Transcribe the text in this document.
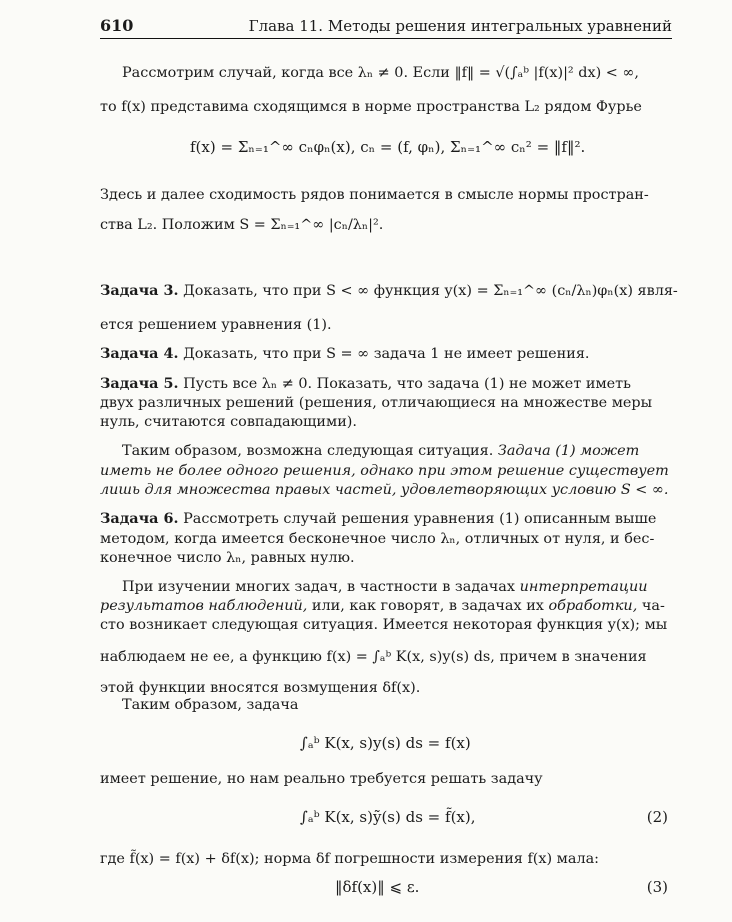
610	Глава 11. Методы решения интегральных уравнений
Рассмотрим случай, когда все λₙ ≠ 0. Если ‖f‖ = √(∫ₐᵇ |f(x)|² dx) < ∞,
то f(x) представима сходящимся в норме пространства L₂ рядом Фурье
f(x) = Σₙ₌₁^∞ cₙφₙ(x), cₙ = (f, φₙ), Σₙ₌₁^∞ cₙ² = ‖f‖².
Здесь и далее сходимость рядов понимается в смысле нормы простран-
ства L₂. Положим S = Σₙ₌₁^∞ |cₙ/λₙ|².
Задача 3. Доказать, что при S < ∞ функция y(x) = Σₙ₌₁^∞ (cₙ/λₙ)φₙ(x) явля-
ется решением уравнения (1).
Задача 4. Доказать, что при S = ∞ задача 1 не имеет решения.
Задача 5. Пусть все λₙ ≠ 0. Показать, что задача (1) не может иметь
двух различных решений (решения, отличающиеся на множестве меры
нуль, считаются совпадающими).
Таким образом, возможна следующая ситуация. Задача (1) может
иметь не более одного решения, однако при этом решение существует
лишь для множества правых частей, удовлетворяющих условию S < ∞.
Задача 6. Рассмотреть случай решения уравнения (1) описанным выше
методом, когда имеется бесконечное число λₙ, отличных от нуля, и бес-
конечное число λₙ, равных нулю.
При изучении многих задач, в частности в задачах интерпретации
результатов наблюдений, или, как говорят, в задачах их обработки, ча-
сто возникает следующая ситуация. Имеется некоторая функция y(x); мы
наблюдаем не ее, а функцию f(x) = ∫ₐᵇ K(x, s)y(s) ds, причем в значения
этой функции вносятся возмущения δf(x).
Таким образом, задача
∫ₐᵇ K(x, s)y(s) ds = f(x)
имеет решение, но нам реально требуется решать задачу
∫ₐᵇ K(x, s)ỹ(s) ds = f̃(x),	(2)
где f̃(x) = f(x) + δf(x); норма δf погрешности измерения f(x) мала:
‖δf(x)‖ ⩽ ε.	(3)
